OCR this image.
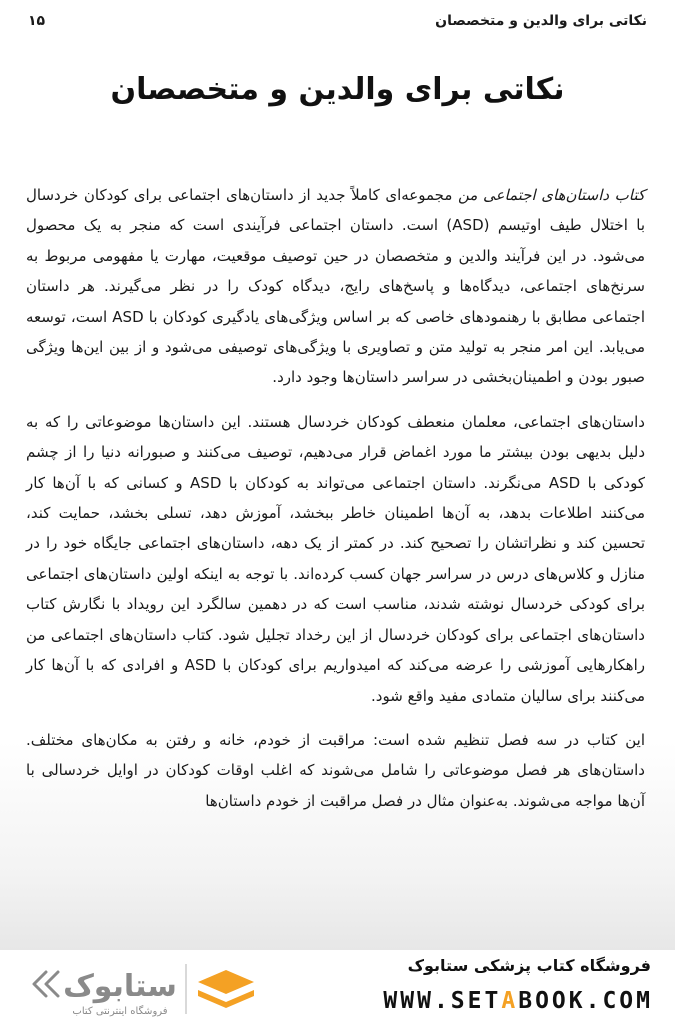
نکاتی برای والدین و متخصصان
۱۵
نکاتی برای والدین و متخصصان

کتاب داستان‌های اجتماعی من مجموعه‌ای کاملاً جدید از داستان‌های اجتماعی برای کودکان خردسال با اختلال طیف اوتیسم (ASD) است. داستان اجتماعی فرآیندی است که منجر به یک محصول می‌شود. در این فرآیند والدین و متخصصان در حین توصیف موقعیت، مهارت یا مفهومی مربوط به سرنخ‌های اجتماعی، دیدگاه‌ها و پاسخ‌های رایج، دیدگاه کودک را در نظر می‌گیرند. هر داستان اجتماعی مطابق با رهنمودهای خاصی که بر اساس ویژگی‌های یادگیری کودکان با ASD است، توسعه می‌یابد. این امر منجر به تولید متن و تصاویری با ویژگی‌های توصیفی می‌شود و از بین این‌ها ویژگی صبور بودن و اطمینان‌بخشی در سراسر داستان‌ها وجود دارد.

داستان‌های اجتماعی، معلمان منعطف کودکان خردسال هستند. این داستان‌ها موضوعاتی را که به دلیل بدیهی بودن بیشتر ما مورد اغماض قرار می‌دهیم، توصیف می‌کنند و صبورانه دنیا را از چشم کودکی با ASD می‌نگرند. داستان اجتماعی می‌تواند به کودکان با ASD و کسانی که با آن‌ها کار می‌کنند اطلاعات بدهد، به آن‌ها اطمینان خاطر ببخشد، آموزش دهد، تسلی بخشد، حمایت کند، تحسین کند و نظراتشان را تصحیح کند. در کمتر از یک دهه، داستان‌های اجتماعی جایگاه خود را در منازل و کلاس‌های درس در سراسر جهان کسب کرده‌اند. با توجه به اینکه اولین داستان‌های اجتماعی برای کودکی خردسال نوشته شدند، مناسب است که در دهمین سالگرد این رویداد با نگارش کتاب داستان‌های اجتماعی برای کودکان خردسال از این رخداد تجلیل شود. کتاب داستان‌های اجتماعی من راهکارهایی آموزشی را عرضه می‌کند که امیدواریم برای کودکان با ASD و افرادی که با آن‌ها کار می‌کنند برای سالیان متمادی مفید واقع شود.

این کتاب در سه فصل تنظیم شده است: مراقبت از خودم، خانه و رفتن به مکان‌های مختلف. داستان‌های هر فصل موضوعاتی را شامل می‌شوند که اغلب اوقات کودکان در اوایل خردسالی با آن‌ها مواجه می‌شوند. به‌عنوان مثال در فصل مراقبت از خودم داستان‌ها

ستابوک
فروشگاه اینترنتی کتاب
فروشگاه کتاب پزشکی ستابوک
WWW.SETABOOK.COM
